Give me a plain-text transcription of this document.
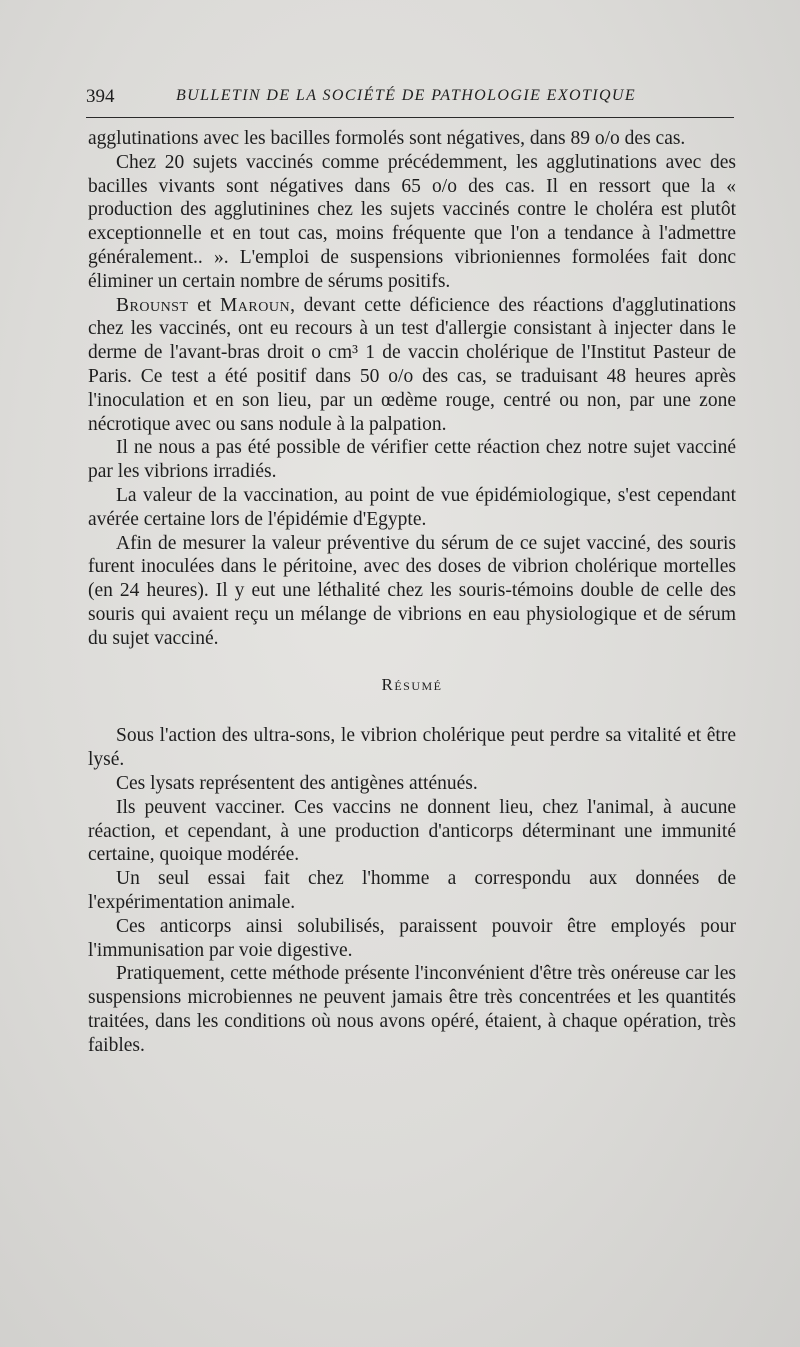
394	BULLETIN DE LA SOCIÉTÉ DE PATHOLOGIE EXOTIQUE

agglutinations avec les bacilles formolés sont négatives, dans 89 o/o des cas.

Chez 20 sujets vaccinés comme précédemment, les agglutinations avec des bacilles vivants sont négatives dans 65 o/o des cas. Il en ressort que la « production des agglutinines chez les sujets vaccinés contre le choléra est plutôt exceptionnelle et en tout cas, moins fréquente que l'on a tendance à l'admettre généralement.. ». L'emploi de suspensions vibrioniennes formolées fait donc éliminer un certain nombre de sérums positifs.

Brounst et Maroun, devant cette déficience des réactions d'agglutinations chez les vaccinés, ont eu recours à un test d'allergie consistant à injecter dans le derme de l'avant-bras droit o cm³ 1 de vaccin cholérique de l'Institut Pasteur de Paris. Ce test a été positif dans 50 o/o des cas, se traduisant 48 heures après l'inoculation et en son lieu, par un œdème rouge, centré ou non, par une zone nécrotique avec ou sans nodule à la palpation.

Il ne nous a pas été possible de vérifier cette réaction chez notre sujet vacciné par les vibrions irradiés.

La valeur de la vaccination, au point de vue épidémiologique, s'est cependant avérée certaine lors de l'épidémie d'Egypte.

Afin de mesurer la valeur préventive du sérum de ce sujet vacciné, des souris furent inoculées dans le péritoine, avec des doses de vibrion cholérique mortelles (en 24 heures). Il y eut une léthalité chez les souris-témoins double de celle des souris qui avaient reçu un mélange de vibrions en eau physiologique et de sérum du sujet vacciné.

Résumé

Sous l'action des ultra-sons, le vibrion cholérique peut perdre sa vitalité et être lysé.

Ces lysats représentent des antigènes atténués.

Ils peuvent vacciner. Ces vaccins ne donnent lieu, chez l'animal, à aucune réaction, et cependant, à une production d'anticorps déterminant une immunité certaine, quoique modérée.

Un seul essai fait chez l'homme a correspondu aux données de l'expérimentation animale.

Ces anticorps ainsi solubilisés, paraissent pouvoir être employés pour l'immunisation par voie digestive.

Pratiquement, cette méthode présente l'inconvénient d'être très onéreuse car les suspensions microbiennes ne peuvent jamais être très concentrées et les quantités traitées, dans les conditions où nous avons opéré, étaient, à chaque opération, très faibles.
